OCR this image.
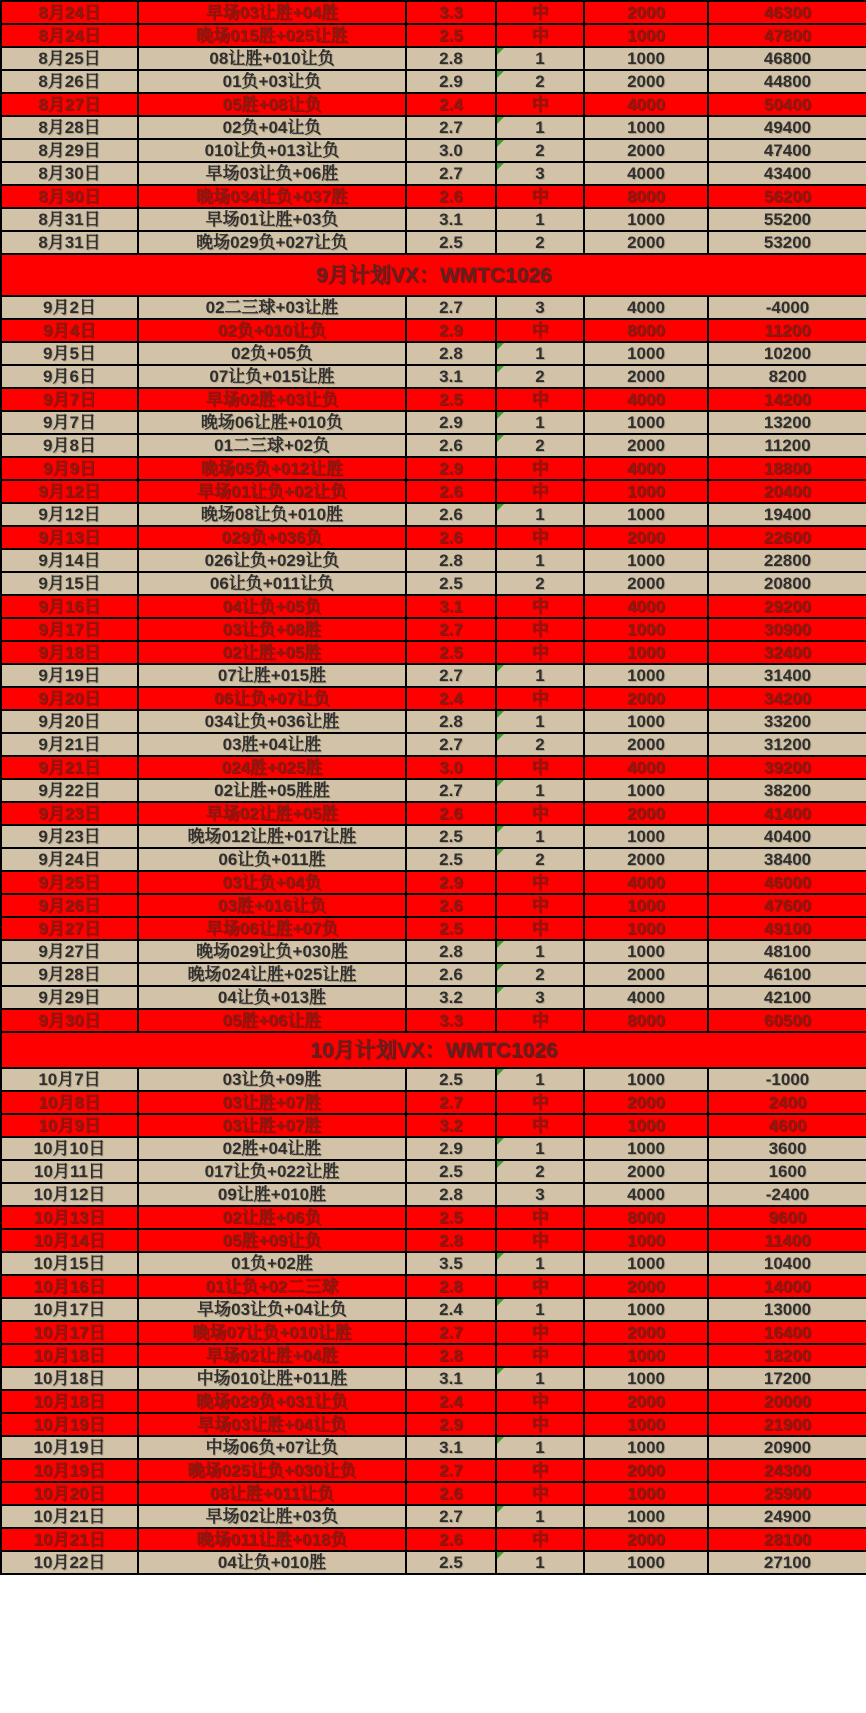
8月24日	早场03让胜+04胜	3.3	中	2000	46300
8月24日	晚场015胜+025让胜	2.5	中	1000	47800
8月25日	08让胜+010让负	2.8	1	1000	46800
8月26日	01负+03让负	2.9	2	2000	44800
8月27日	05胜+08让负	2.4	中	4000	50400
8月28日	02负+04让负	2.7	1	1000	49400
8月29日	010让负+013让负	3.0	2	2000	47400
8月30日	早场03让负+06胜	2.7	3	4000	43400
8月30日	晚场034让负+037胜	2.6	中	8000	56200
8月31日	早场01让胜+03负	3.1	1	1000	55200
8月31日	晚场029负+027让负	2.5	2	2000	53200
9月计划VX：WMTC1026					
9月2日	02二三球+03让胜	2.7	3	4000	-4000
9月4日	02负+010让负	2.9	中	8000	11200
9月5日	02负+05负	2.8	1	1000	10200
9月6日	07让负+015让胜	3.1	2	2000	8200
9月7日	早场02胜+03让负	2.5	中	4000	14200
9月7日	晚场06让胜+010负	2.9	1	1000	13200
9月8日	01二三球+02负	2.6	2	2000	11200
9月9日	晚场05负+012让胜	2.9	中	4000	18800
9月12日	早场01让负+02让负	2.6	中	1000	20400
9月12日	晚场08让负+010胜	2.6	1	1000	19400
9月13日	029负+036负	2.6	中	2000	22600
9月14日	026让负+029让负	2.8	1	1000	22800
9月15日	06让负+011让负	2.5	2	2000	20800
9月16日	04让负+05负	3.1	中	4000	29200
9月17日	03让负+08胜	2.7	中	1000	30900
9月18日	02让胜+05胜	2.5	中	1000	32400
9月19日	07让胜+015胜	2.7	1	1000	31400
9月20日	06让负+07让负	2.4	中	2000	34200
9月20日	034让负+036让胜	2.8	1	1000	33200
9月21日	03胜+04让胜	2.7	2	2000	31200
9月21日	024胜+025胜	3.0	中	4000	39200
9月22日	02让胜+05胜胜	2.7	1	1000	38200
9月23日	早场02让胜+05胜	2.6	中	2000	41400
9月23日	晚场012让胜+017让胜	2.5	1	1000	40400
9月24日	06让负+011胜	2.5	2	2000	38400
9月25日	03让负+04负	2.9	中	4000	46000
9月26日	03胜+016让负	2.6	中	1000	47600
9月27日	早场06让胜+07负	2.5	中	1000	49100
9月27日	晚场029让负+030胜	2.8	1	1000	48100
9月28日	晚场024让胜+025让胜	2.6	2	2000	46100
9月29日	04让负+013胜	3.2	3	4000	42100
9月30日	05胜+06让胜	3.3	中	8000	60500
10月计划VX：WMTC1026					
10月7日	03让负+09胜	2.5	1	1000	-1000
10月8日	03让胜+07胜	2.7	中	2000	2400
10月9日	03让胜+07胜	3.2	中	1000	4600
10月10日	02胜+04让胜	2.9	1	1000	3600
10月11日	017让负+022让胜	2.5	2	2000	1600
10月12日	09让胜+010胜	2.8	3	4000	-2400
10月13日	02让胜+06负	2.5	中	8000	9600
10月14日	05胜+09让负	2.8	中	1000	11400
10月15日	01负+02胜	3.5	1	1000	10400
10月16日	01让负+02二三球	2.8	中	2000	14000
10月17日	早场03让负+04让负	2.4	1	1000	13000
10月17日	晚场07让负+010让胜	2.7	中	2000	16400
10月18日	早场02让胜+04胜	2.8	中	1000	18200
10月18日	中场010让胜+011胜	3.1	1	1000	17200
10月18日	晚场029负+031让负	2.4	中	2000	20000
10月19日	早场03让胜+04让负	2.9	中	1000	21900
10月19日	中场06负+07让负	3.1	1	1000	20900
10月19日	晚场025让负+030让负	2.7	中	2000	24300
10月20日	08让胜+011让负	2.6	中	1000	25900
10月21日	早场02让胜+03负	2.7	1	1000	24900
10月21日	晚场011让胜+018负	2.6	中	2000	28100
10月22日	04让负+010胜	2.5	1	1000	27100
